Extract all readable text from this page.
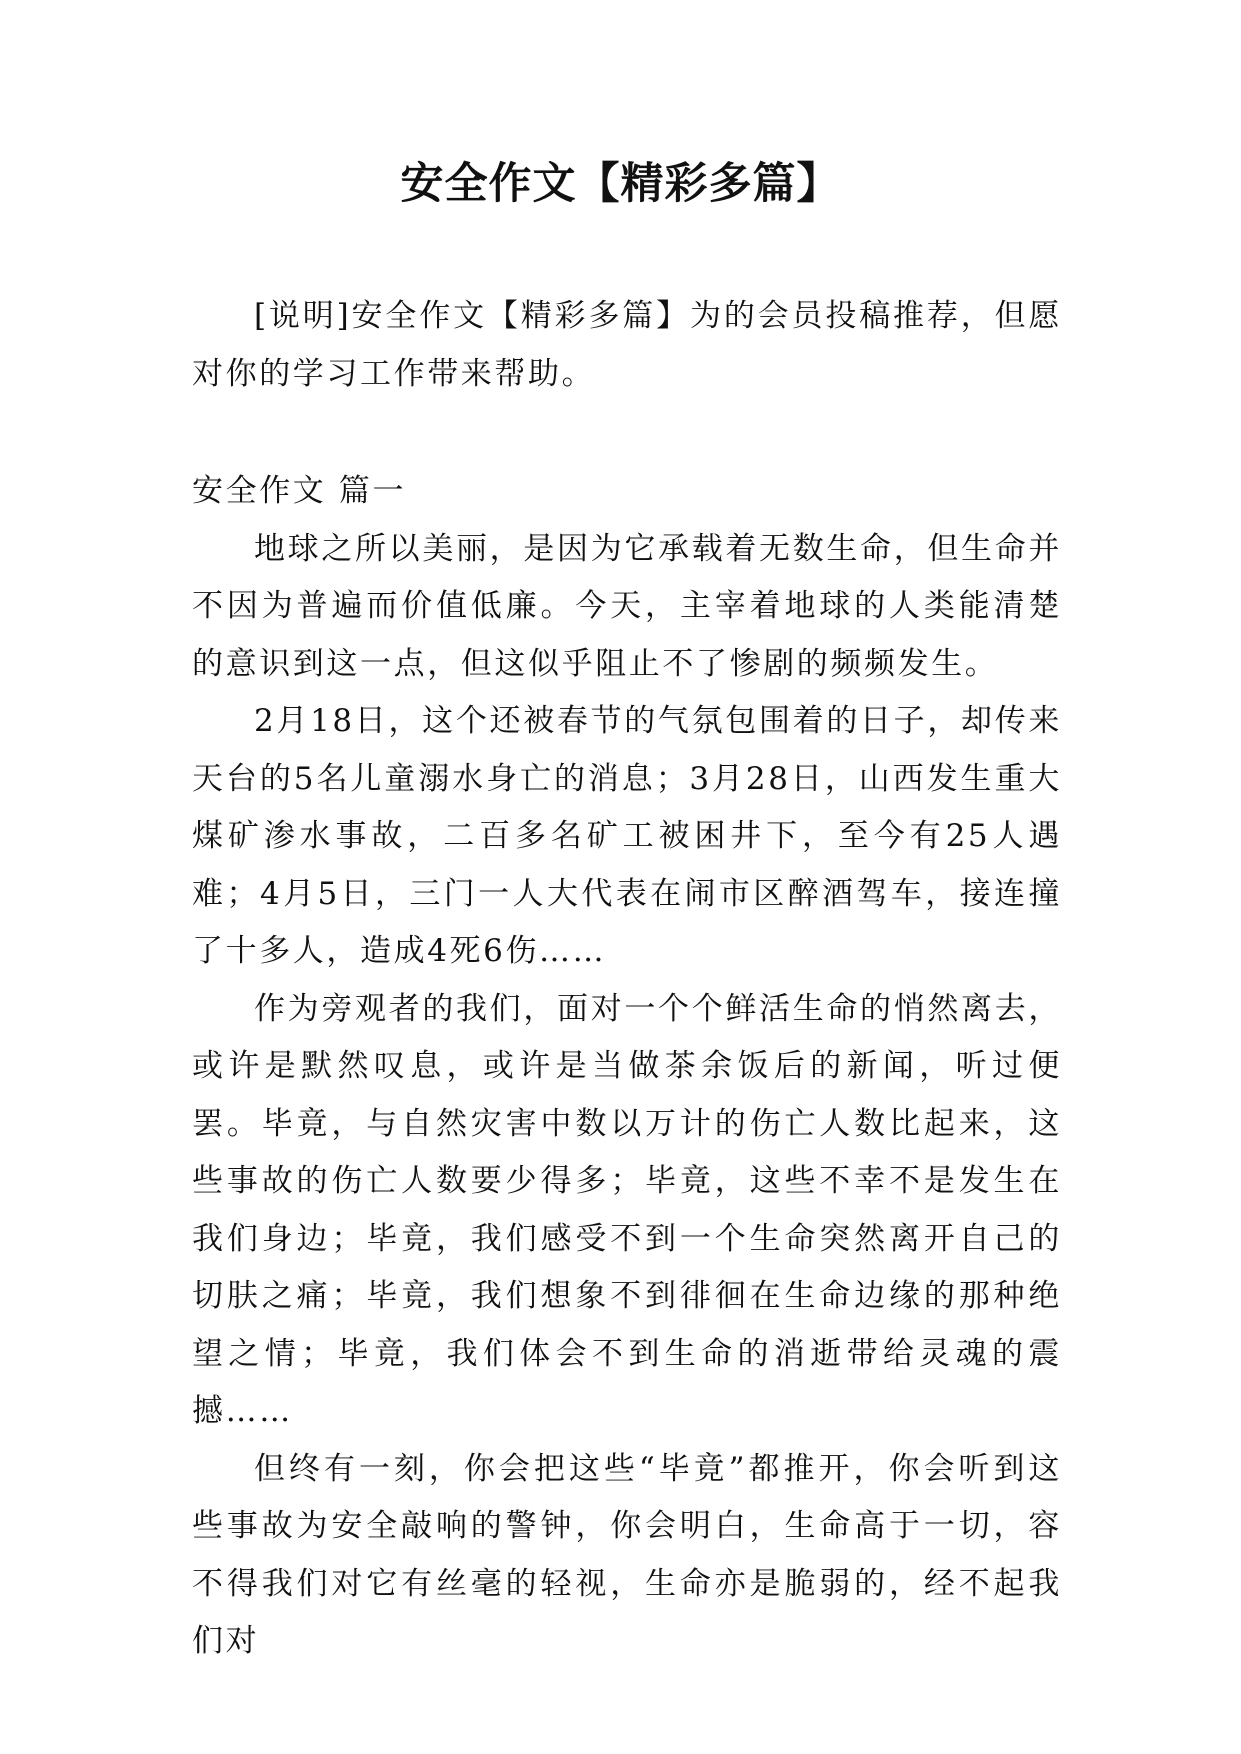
安全作文【精彩多篇】

[说明]安全作文【精彩多篇】为的会员投稿推荐，但愿对你的学习工作带来帮助。

安全作文 篇一

地球之所以美丽，是因为它承载着无数生命，但生命并不因为普遍而价值低廉。今天，主宰着地球的人类能清楚的意识到这一点，但这似乎阻止不了惨剧的频频发生。

2月18日，这个还被春节的气氛包围着的日子，却传来天台的5名儿童溺水身亡的消息；3月28日，山西发生重大煤矿渗水事故，二百多名矿工被困井下，至今有25人遇难；4月5日，三门一人大代表在闹市区醉酒驾车，接连撞了十多人，造成4死6伤……

作为旁观者的我们，面对一个个鲜活生命的悄然离去，或许是默然叹息，或许是当做茶余饭后的新闻，听过便罢。毕竟，与自然灾害中数以万计的伤亡人数比起来，这些事故的伤亡人数要少得多；毕竟，这些不幸不是发生在我们身边；毕竟，我们感受不到一个生命突然离开自己的切肤之痛；毕竟，我们想象不到徘徊在生命边缘的那种绝望之情；毕竟，我们体会不到生命的消逝带给灵魂的震撼……

但终有一刻，你会把这些“毕竟”都推开，你会听到这些事故为安全敲响的警钟，你会明白，生命高于一切，容不得我们对它有丝毫的轻视，生命亦是脆弱的，经不起我们对
